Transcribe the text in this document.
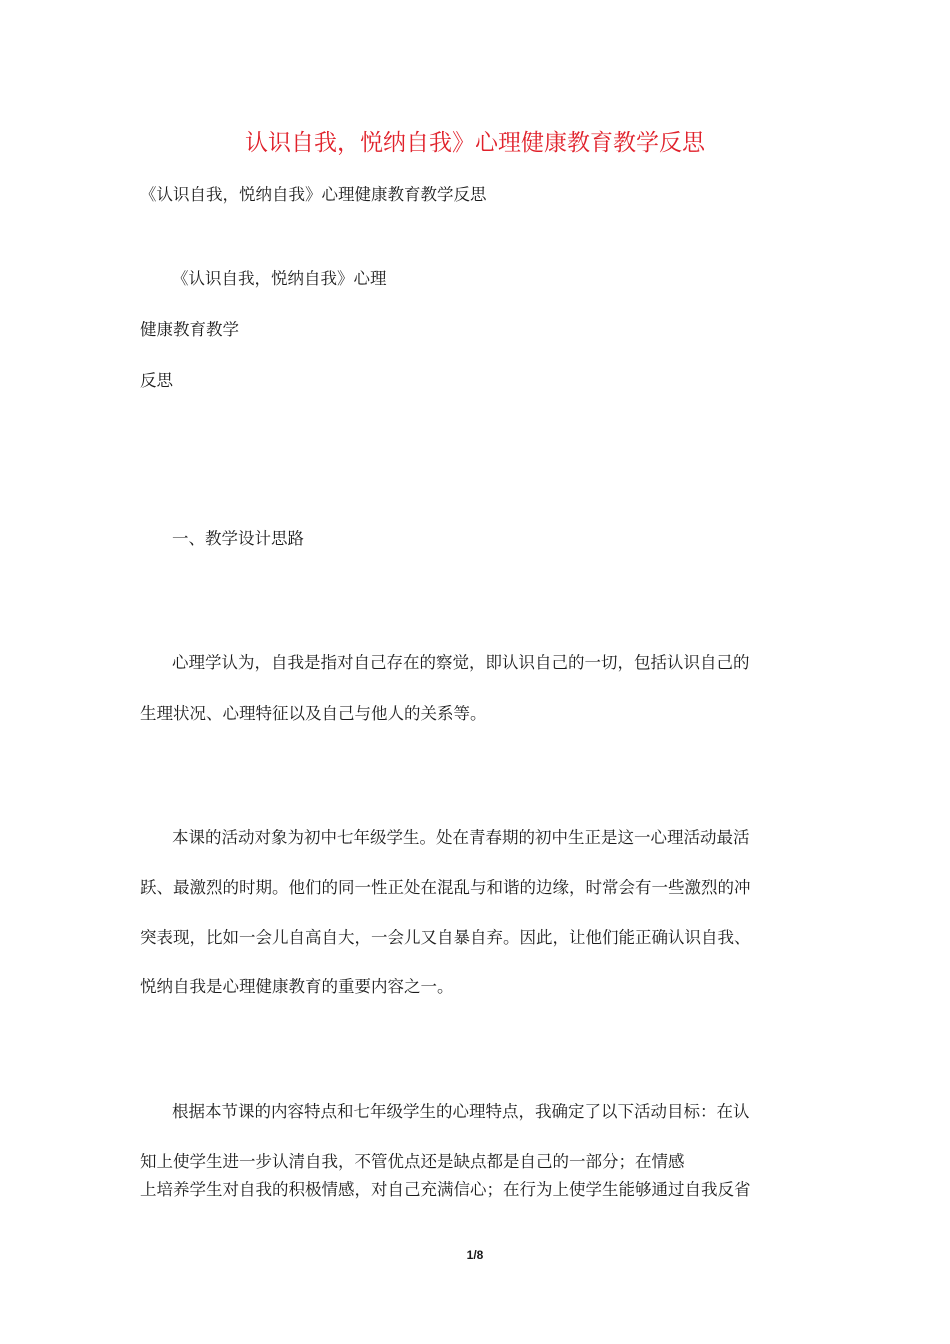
认识自我，悦纳自我》心理健康教育教学反思
《认识自我，悦纳自我》心理健康教育教学反思
《认识自我，悦纳自我》心理
健康教育教学
反思
一、教学设计思路
心理学认为，自我是指对自己存在的察觉，即认识自己的一切，包括认识自己的
生理状况、心理特征以及自己与他人的关系等。
本课的活动对象为初中七年级学生。处在青春期的初中生正是这一心理活动最活
跃、最激烈的时期。他们的同一性正处在混乱与和谐的边缘，时常会有一些激烈的冲
突表现，比如一会儿自高自大，一会儿又自暴自弃。因此，让他们能正确认识自我、
悦纳自我是心理健康教育的重要内容之一。
根据本节课的内容特点和七年级学生的心理特点，我确定了以下活动目标：在认
知上使学生进一步认清自我，不管优点还是缺点都是自己的一部分；在情感
上培养学生对自我的积极情感，对自己充满信心；在行为上使学生能够通过自我反省
1/8
